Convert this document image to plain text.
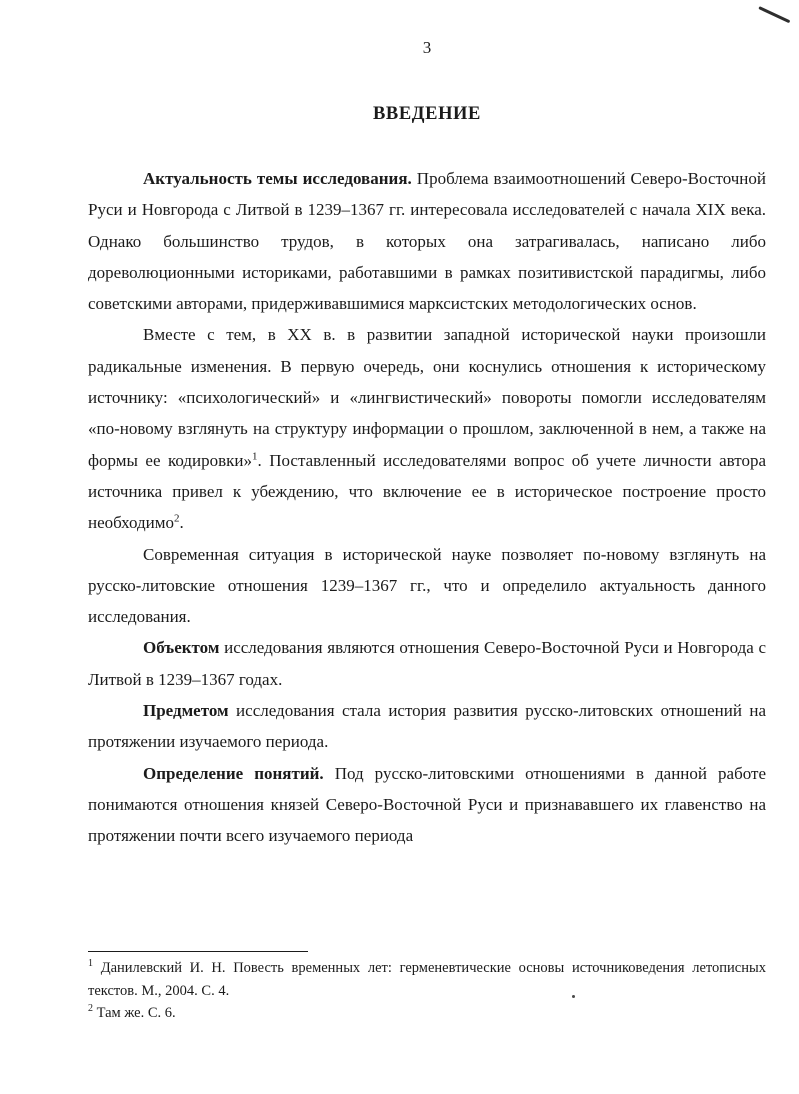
3
ВВЕДЕНИЕ

Актуальность темы исследования. Проблема взаимоотношений Северо-Восточной Руси и Новгорода с Литвой в 1239–1367 гг. интересовала исследователей с начала XIX века. Однако большинство трудов, в которых она затрагивалась, написано либо дореволюционными историками, работавшими в рамках позитивистской парадигмы, либо советскими авторами, придерживавшимися марксистских методологических основ.

Вместе с тем, в XX в. в развитии западной исторической науки произошли радикальные изменения. В первую очередь, они коснулись отношения к историческому источнику: «психологический» и «лингвистический» повороты помогли исследователям «по-новому взглянуть на структуру информации о прошлом, заключенной в нем, а также на формы ее кодировки»$^1$. Поставленный исследователями вопрос об учете личности автора источника привел к убеждению, что включение ее в историческое построение просто необходимо$^2$.

Современная ситуация в исторической науке позволяет по-новому взглянуть на русско-литовские отношения 1239–1367 гг., что и определило актуальность данного исследования.

Объектом исследования являются отношения Северо-Восточной Руси и Новгорода с Литвой в 1239–1367 годах.

Предметом исследования стала история развития русско-литовских отношений на протяжении изучаемого периода.

Определение понятий. Под русско-литовскими отношениями в данной работе понимаются отношения князей Северо-Восточной Руси и признававшего их главенство на протяжении почти всего изучаемого периода

$^1$ Данилевский И. Н. Повесть временных лет: герменевтические основы источниковедения летописных текстов. М., 2004. С. 4.

$^2$ Там же. С. 6.
